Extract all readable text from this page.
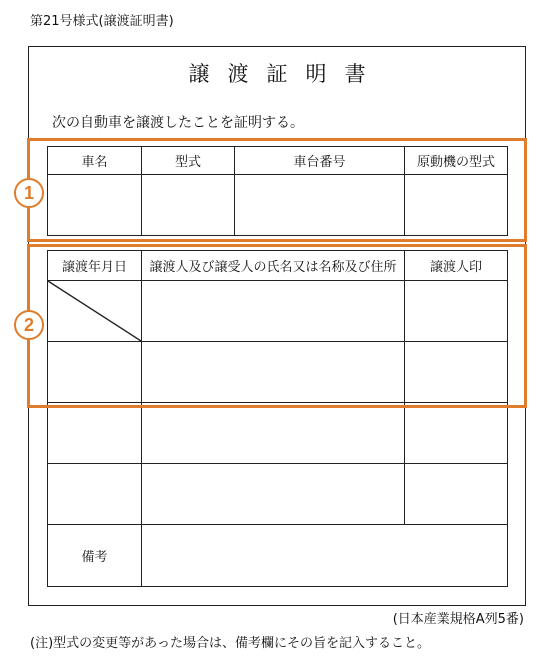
第21号様式(譲渡証明書)
譲渡証明書
次の自動車を譲渡したことを証明する。
車名	型式	車台番号	原動機の型式

譲渡年月日	譲渡人及び譲受人の氏名又は名称及び住所	譲渡人印

備考		
1
2
(日本産業規格A列5番)
(注)型式の変更等があった場合は、備考欄にその旨を記入すること。
